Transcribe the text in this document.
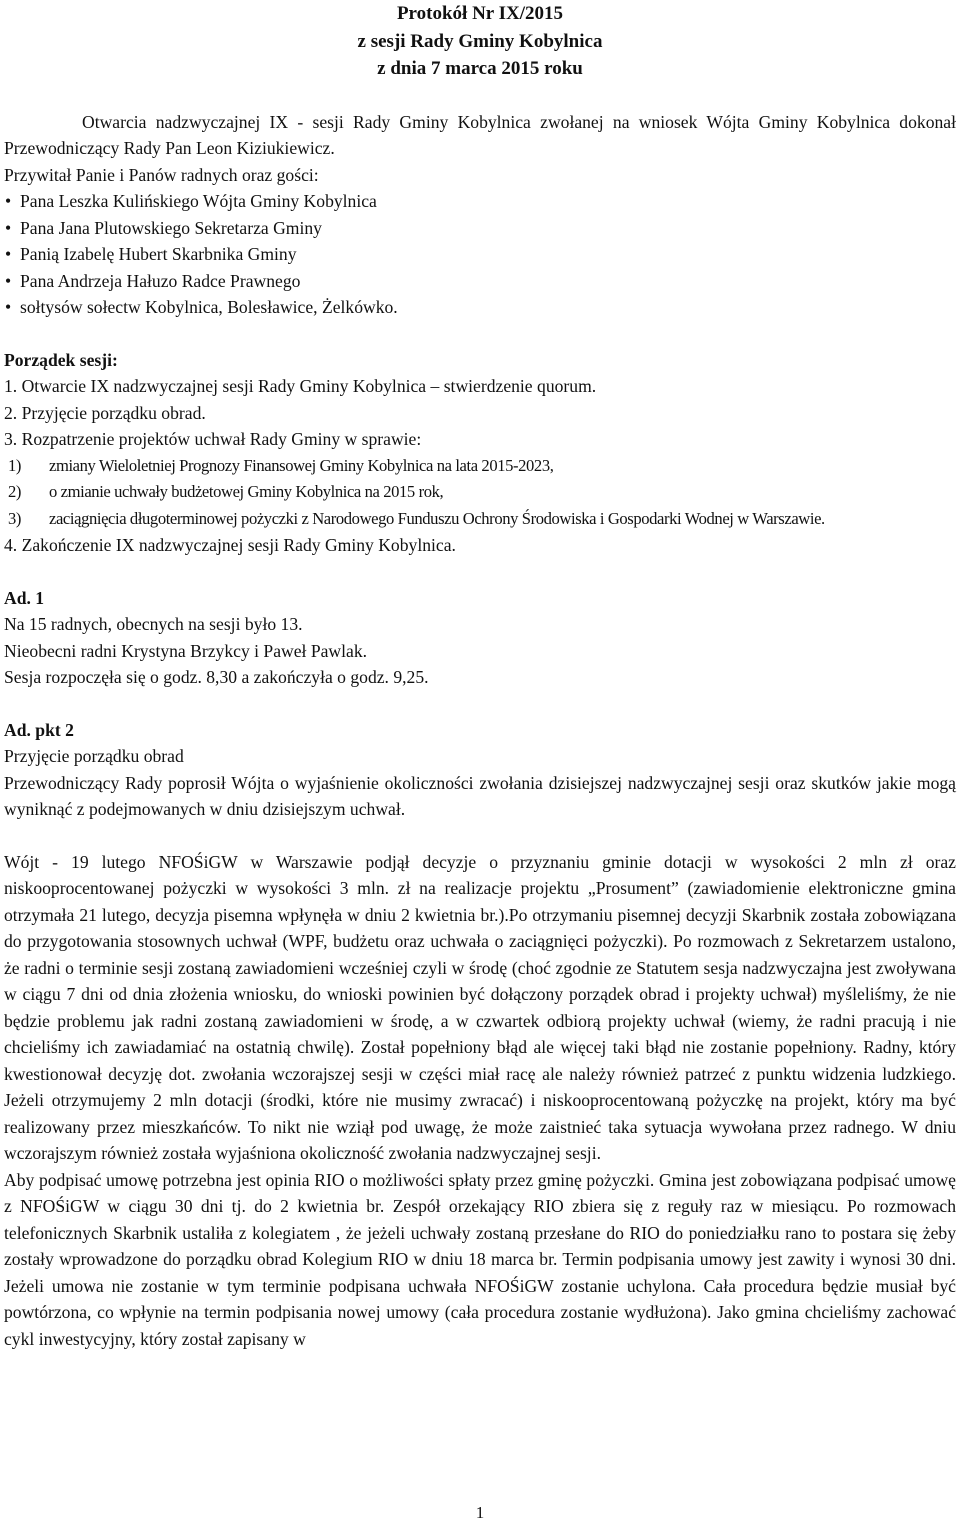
Protokół Nr IX/2015
z sesji Rady Gminy Kobylnica
z dnia 7 marca 2015 roku

Otwarcia nadzwyczajnej IX - sesji Rady Gminy Kobylnica zwołanej na wniosek Wójta Gminy Kobylnica dokonał Przewodniczący Rady Pan Leon Kiziukiewicz.

Przywitał Panie i Panów radnych oraz gości:

• Pana Leszka Kulińskiego Wójta Gminy Kobylnica
• Pana Jana Plutowskiego Sekretarza Gminy
• Panią Izabelę Hubert Skarbnika Gminy
• Pana Andrzeja Hałuzo Radce Prawnego
• sołtysów sołectw Kobylnica, Bolesławice, Żelkówko.

Porządek sesji:

1. Otwarcie IX nadzwyczajnej sesji Rady Gminy Kobylnica – stwierdzenie quorum.

2. Przyjęcie porządku obrad.

3. Rozpatrzenie projektów uchwał Rady Gminy w sprawie:

1) zmiany Wieloletniej Prognozy Finansowej Gminy Kobylnica na lata 2015-2023,
2) o zmianie uchwały budżetowej Gminy Kobylnica na 2015 rok,
3) zaciągnięcia długoterminowej pożyczki z Narodowego Funduszu Ochrony Środowiska i Gospodarki Wodnej w Warszawie.

4. Zakończenie IX nadzwyczajnej sesji Rady Gminy Kobylnica.

Ad. 1

Na 15 radnych, obecnych na sesji było 13.

Nieobecni radni Krystyna Brzykcy i Paweł Pawlak.

Sesja rozpoczęła się o godz. 8,30 a zakończyła o godz. 9,25.

Ad. pkt 2

Przyjęcie porządku obrad

Przewodniczący Rady poprosił Wójta o wyjaśnienie okoliczności zwołania dzisiejszej nadzwyczajnej sesji oraz skutków jakie mogą wyniknąć z podejmowanych w dniu dzisiejszym uchwał.

Wójt - 19 lutego NFOŚiGW w Warszawie podjął decyzje o przyznaniu gminie dotacji w wysokości 2 mln zł oraz niskooprocentowanej pożyczki w wysokości 3 mln. zł na realizacje projektu „Prosument” (zawiadomienie elektroniczne gmina otrzymała 21 lutego, decyzja pisemna wpłynęła w dniu 2 kwietnia br.).Po otrzymaniu pisemnej decyzji Skarbnik została zobowiązana do przygotowania stosownych uchwał (WPF, budżetu oraz uchwała o zaciągnięci pożyczki). Po rozmowach z Sekretarzem ustalono, że radni o terminie sesji zostaną zawiadomieni wcześniej czyli w środę (choć zgodnie ze Statutem sesja nadzwyczajna jest zwoływana w ciągu 7 dni od dnia złożenia wniosku, do wnioski powinien być dołączony porządek obrad i projekty uchwał) myśleliśmy, że nie będzie problemu jak radni zostaną zawiadomieni w środę, a w czwartek odbiorą projekty uchwał (wiemy, że radni pracują i nie chcieliśmy ich zawiadamiać na ostatnią chwilę). Został popełniony błąd ale więcej taki błąd nie zostanie popełniony. Radny, który kwestionował decyzję dot. zwołania wczorajszej sesji w części miał racę ale należy również patrzeć z punktu widzenia ludzkiego. Jeżeli otrzymujemy 2 mln dotacji (środki, które nie musimy zwracać) i niskooprocentowaną pożyczkę na projekt, który ma być realizowany przez mieszkańców. To nikt nie wziął pod uwagę, że może zaistnieć taka sytuacja wywołana przez radnego. W dniu wczorajszym również została wyjaśniona okoliczność zwołania nadzwyczajnej sesji.

Aby podpisać umowę potrzebna jest opinia RIO o możliwości spłaty przez gminę pożyczki. Gmina jest zobowiązana podpisać umowę z NFOŚiGW w ciągu 30 dni tj. do 2 kwietnia br. Zespół orzekający RIO zbiera się z reguły raz w miesiącu. Po rozmowach telefonicznych Skarbnik ustaliła z kolegiatem , że jeżeli uchwały zostaną przesłane do RIO do poniedziałku rano to postara się żeby zostały wprowadzone do porządku obrad Kolegium RIO w dniu 18 marca br. Termin podpisania umowy jest zawity i wynosi 30 dni. Jeżeli umowa nie zostanie w tym terminie podpisana uchwała NFOŚiGW zostanie uchylona. Cała procedura będzie musiał być powtórzona, co wpłynie na termin podpisania nowej umowy (cała procedura zostanie wydłużona). Jako gmina chcieliśmy zachować cykl inwestycyjny, który został zapisany w

1
